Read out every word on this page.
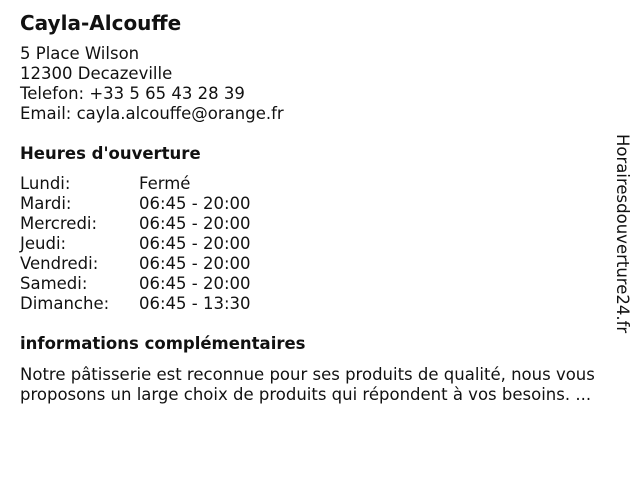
Cayla-Alcouffe
5 Place Wilson
12300 Decazeville
Telefon: +33 5 65 43 28 39
Email: cayla.alcouffe@orange.fr
Heures d'ouverture
Lundi:	Fermé
Mardi:	06:45 - 20:00
Mercredi:	06:45 - 20:00
Jeudi:	06:45 - 20:00
Vendredi: 06:45 - 20:00
Samedi:	06:45 - 20:00
Dimanche: 06:45 - 13:30
informations complémentaires

Notre pâtisserie est reconnue pour ses produits de qualité, nous vous proposons un large choix de produits qui répondent à vos besoins. ...

Horairesdouverture24.fr
